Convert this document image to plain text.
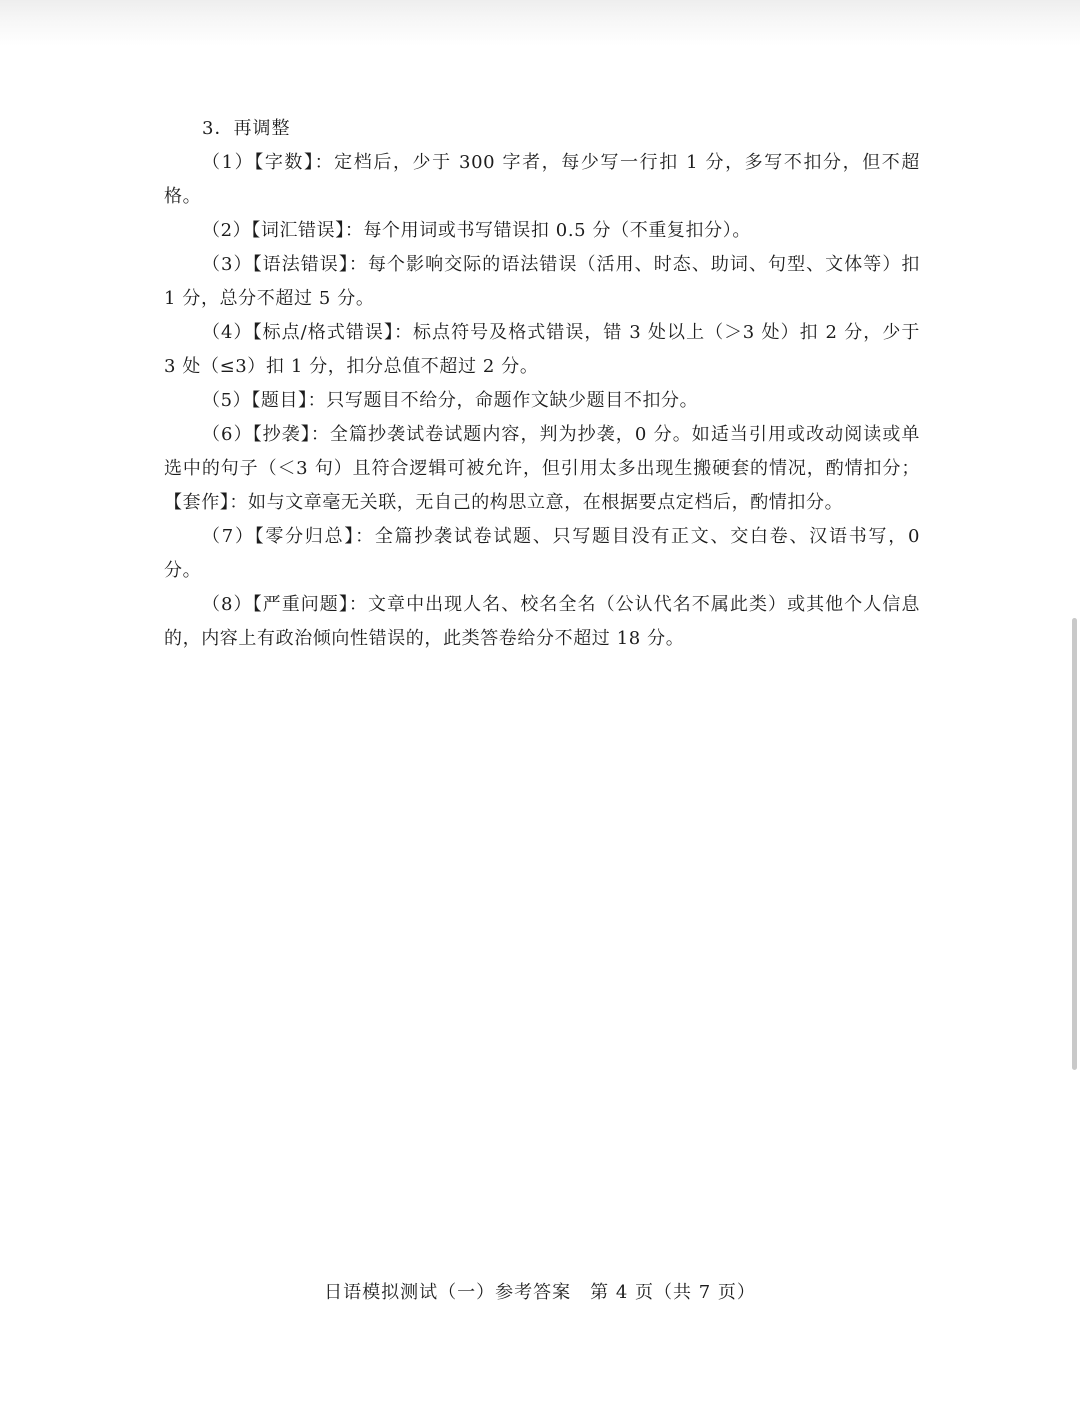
3．再调整

（1）【字数】：定档后，少于 300 字者，每少写一行扣 1 分，多写不扣分，但不超格。

（2）【词汇错误】：每个用词或书写错误扣 0.5 分（不重复扣分）。

（3）【语法错误】：每个影响交际的语法错误（活用、时态、助词、句型、文体等）扣 1 分，总分不超过 5 分。

（4）【标点/格式错误】：标点符号及格式错误，错 3 处以上（＞3 处）扣 2 分，少于 3 处（≤3）扣 1 分，扣分总值不超过 2 分。

（5）【题目】：只写题目不给分，命题作文缺少题目不扣分。

（6）【抄袭】：全篇抄袭试卷试题内容，判为抄袭，0 分。如适当引用或改动阅读或单选中的句子（＜3 句）且符合逻辑可被允许，但引用太多出现生搬硬套的情况，酌情扣分；【套作】：如与文章毫无关联，无自己的构思立意，在根据要点定档后，酌情扣分。

（7）【零分归总】：全篇抄袭试卷试题、只写题目没有正文、交白卷、汉语书写，0 分。

（8）【严重问题】：文章中出现人名、校名全名（公认代名不属此类）或其他个人信息的，内容上有政治倾向性错误的，此类答卷给分不超过 18 分。

日语模拟测试（一）参考答案　第 4 页（共 7 页）
